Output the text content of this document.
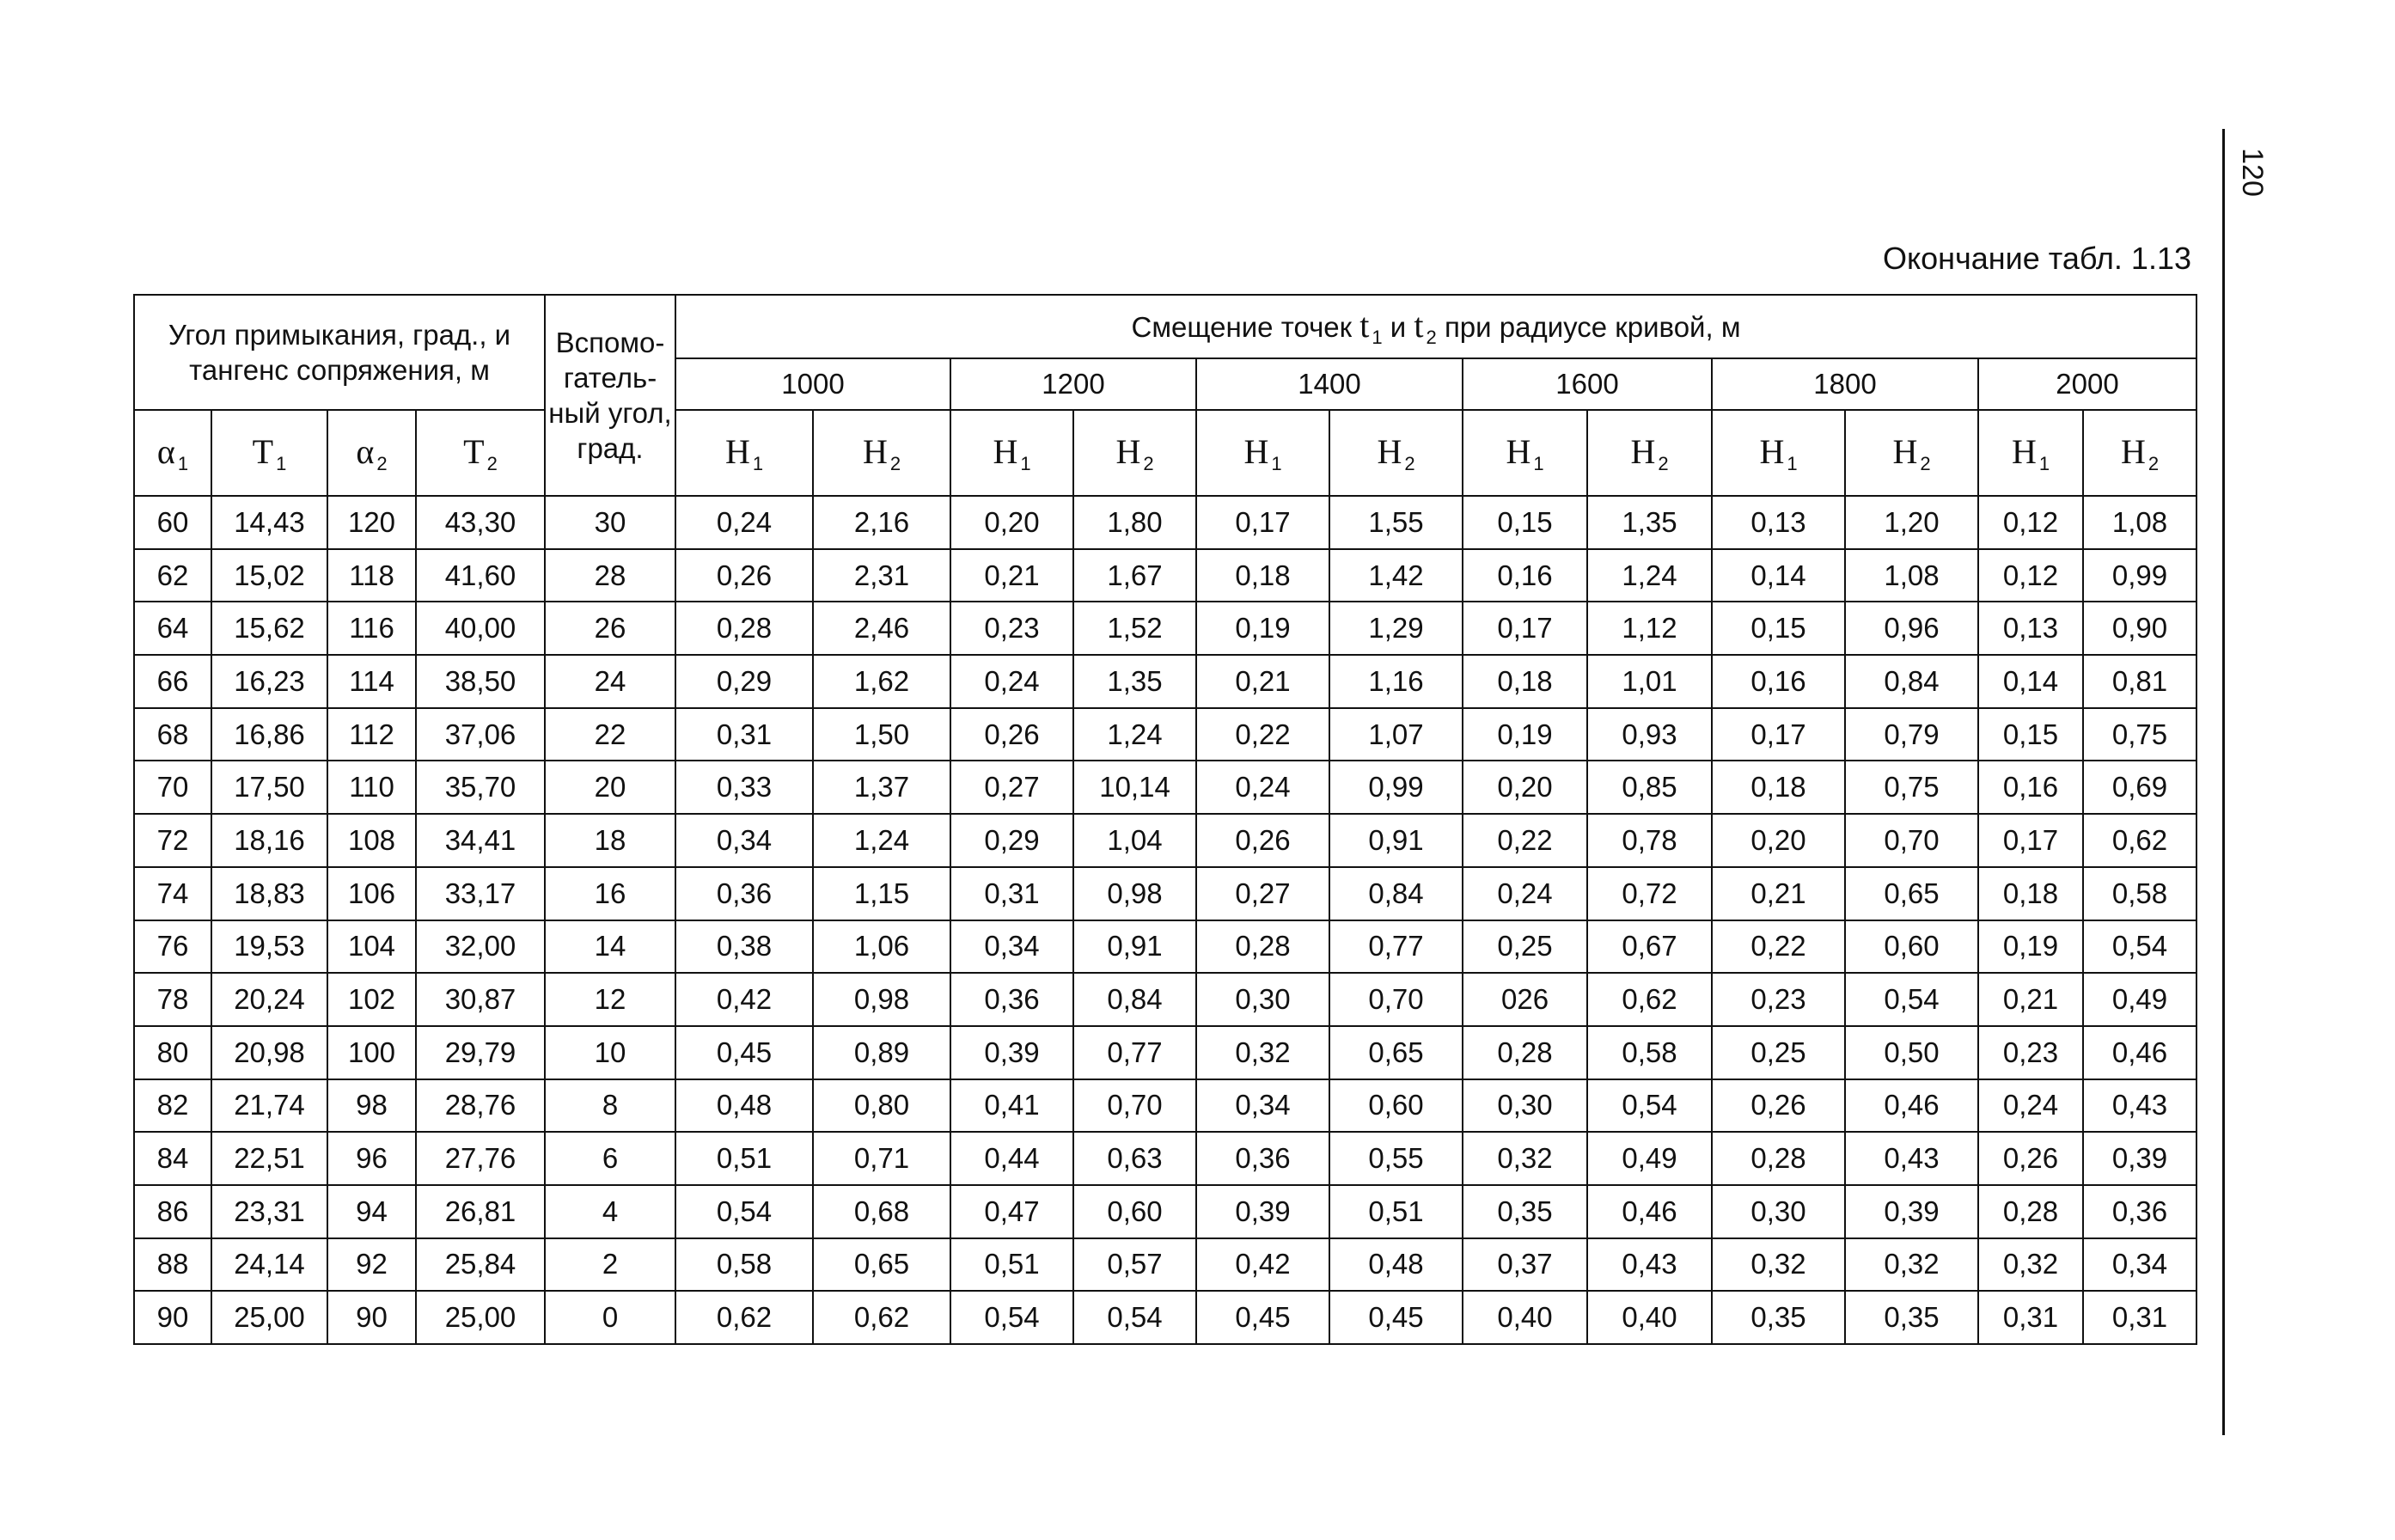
120
Окончание табл. 1.13
Угол примыкания, град., и тангенс сопряжения, м				Вспомо-гатель-ный угол, град.	Смещение точек t $_1$ и t $_2$ при радиусе кривой, м											
					1000		1200		1400		1600		1800		2000	
α $_1$	T $_1$	α $_2$	T $_2$		H $_1$	H $_2$	H $_1$	H $_2$	H $_1$	H $_2$	H $_1$	H $_2$	H $_1$	H $_2$	H $_1$	H $_2$
60	14,43	120	43,30	30	0,24	2,16	0,20	1,80	0,17	1,55	0,15	1,35	0,13	1,20	0,12	1,08
62	15,02	118	41,60	28	0,26	2,31	0,21	1,67	0,18	1,42	0,16	1,24	0,14	1,08	0,12	0,99
64	15,62	116	40,00	26	0,28	2,46	0,23	1,52	0,19	1,29	0,17	1,12	0,15	0,96	0,13	0,90
66	16,23	114	38,50	24	0,29	1,62	0,24	1,35	0,21	1,16	0,18	1,01	0,16	0,84	0,14	0,81
68	16,86	112	37,06	22	0,31	1,50	0,26	1,24	0,22	1,07	0,19	0,93	0,17	0,79	0,15	0,75
70	17,50	110	35,70	20	0,33	1,37	0,27	10,14	0,24	0,99	0,20	0,85	0,18	0,75	0,16	0,69
72	18,16	108	34,41	18	0,34	1,24	0,29	1,04	0,26	0,91	0,22	0,78	0,20	0,70	0,17	0,62
74	18,83	106	33,17	16	0,36	1,15	0,31	0,98	0,27	0,84	0,24	0,72	0,21	0,65	0,18	0,58
76	19,53	104	32,00	14	0,38	1,06	0,34	0,91	0,28	0,77	0,25	0,67	0,22	0,60	0,19	0,54
78	20,24	102	30,87	12	0,42	0,98	0,36	0,84	0,30	0,70	026	0,62	0,23	0,54	0,21	0,49
80	20,98	100	29,79	10	0,45	0,89	0,39	0,77	0,32	0,65	0,28	0,58	0,25	0,50	0,23	0,46
82	21,74	98	28,76	8	0,48	0,80	0,41	0,70	0,34	0,60	0,30	0,54	0,26	0,46	0,24	0,43
84	22,51	96	27,76	6	0,51	0,71	0,44	0,63	0,36	0,55	0,32	0,49	0,28	0,43	0,26	0,39
86	23,31	94	26,81	4	0,54	0,68	0,47	0,60	0,39	0,51	0,35	0,46	0,30	0,39	0,28	0,36
88	24,14	92	25,84	2	0,58	0,65	0,51	0,57	0,42	0,48	0,37	0,43	0,32	0,32	0,32	0,34
90	25,00	90	25,00	0	0,62	0,62	0,54	0,54	0,45	0,45	0,40	0,40	0,35	0,35	0,31	0,31
